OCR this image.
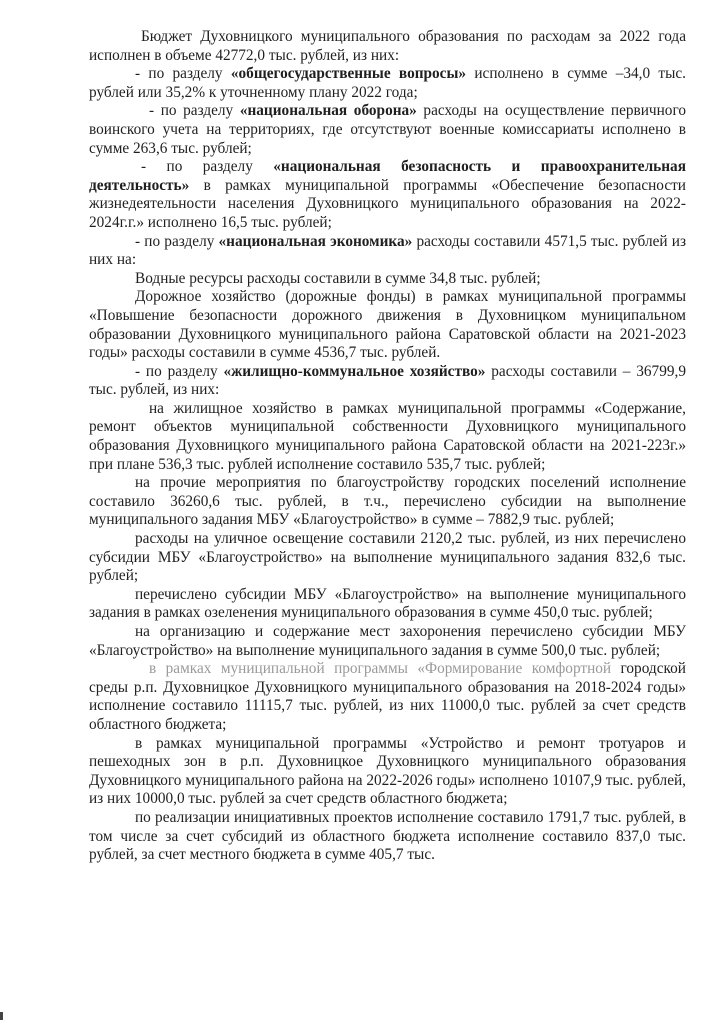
Бюджет Духовницкого муниципального образования по расходам за 2022 года исполнен в объеме 42772,0 тыс. рублей, из них:

- по разделу «общегосударственные вопросы» исполнено в сумме –34,0 тыс. рублей или 35,2% к уточненному плану 2022 года;

- по разделу «национальная оборона» расходы на осуществление первичного воинского учета на территориях, где отсутствуют военные комиссариаты исполнено в сумме 263,6 тыс. рублей;

- по разделу «национальная безопасность и правоохранительная деятельность» в рамках муниципальной программы «Обеспечение безопасности жизнедеятельности населения Духовницкого муниципального образования на 2022-2024г.г.» исполнено 16,5 тыс. рублей;

- по разделу «национальная экономика» расходы составили 4571,5 тыс. рублей из них на:

Водные ресурсы расходы составили в сумме 34,8 тыс. рублей;

Дорожное хозяйство (дорожные фонды) в рамках муниципальной программы «Повышение безопасности дорожного движения в Духовницком муниципальном образовании Духовницкого муниципального района Саратовской области на 2021-2023 годы» расходы составили в сумме 4536,7 тыс. рублей.

- по разделу «жилищно-коммунальное хозяйство» расходы составили – 36799,9 тыс. рублей, из них:

на жилищное хозяйство в рамках муниципальной программы «Содержание, ремонт объектов муниципальной собственности Духовницкого муниципального образования Духовницкого муниципального района Саратовской области на 2021-223г.» при плане 536,3 тыс. рублей исполнение составило 535,7 тыс. рублей;

на прочие мероприятия по благоустройству городских поселений исполнение составило 36260,6 тыс. рублей, в т.ч., перечислено субсидии на выполнение муниципального задания МБУ «Благоустройство» в сумме – 7882,9 тыс. рублей;

расходы на уличное освещение составили 2120,2 тыс. рублей, из них перечислено субсидии МБУ «Благоустройство» на выполнение муниципального задания 832,6 тыс. рублей;

перечислено субсидии МБУ «Благоустройство» на выполнение муниципального задания в рамках озеленения муниципального образования в сумме 450,0 тыс. рублей;

на организацию и содержание мест захоронения перечислено субсидии МБУ «Благоустройство» на выполнение муниципального задания в сумме 500,0 тыс. рублей;

в рамках муниципальной программы «Формирование комфортной городской среды р.п. Духовницкое Духовницкого муниципального образования на 2018-2024 годы» исполнение составило 11115,7 тыс. рублей, из них 11000,0 тыс. рублей за счет средств областного бюджета;

в рамках муниципальной программы «Устройство и ремонт тротуаров и пешеходных зон в р.п. Духовницкое Духовницкого муниципального образования Духовницкого муниципального района на 2022-2026 годы» исполнено 10107,9 тыс. рублей, из них 10000,0 тыс. рублей за счет средств областного бюджета;

по реализации инициативных проектов исполнение составило 1791,7 тыс. рублей, в том числе за счет субсидий из областного бюджета исполнение составило 837,0 тыс. рублей, за счет местного бюджета в сумме 405,7 тыс.
